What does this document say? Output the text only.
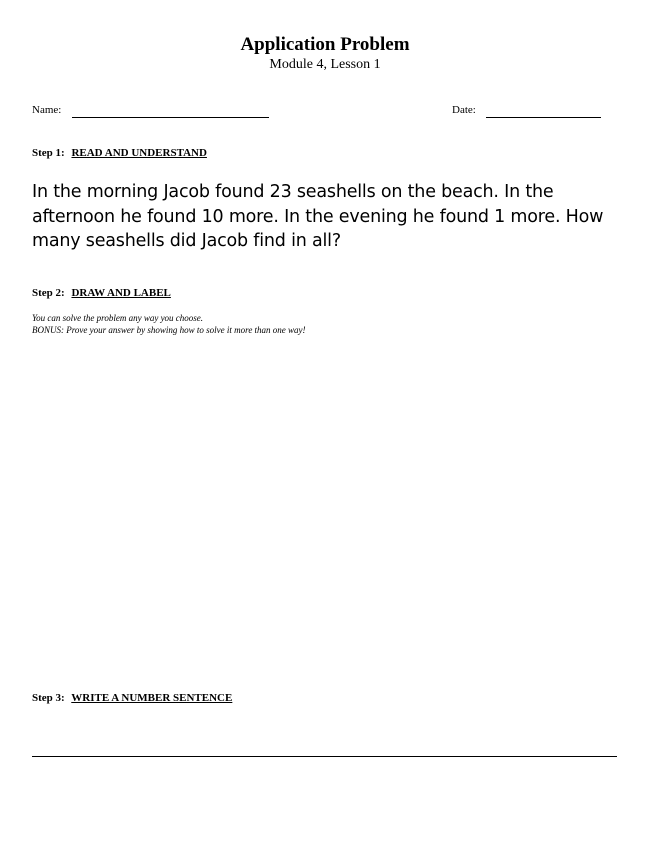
Application Problem
Module 4, Lesson 1
Name:	Date:
Step 1: READ AND UNDERSTAND
In the morning Jacob found 23 seashells on the beach. In the afternoon he found 10 more. In the evening he found 1 more. How many seashells did Jacob find in all?
Step 2: DRAW AND LABEL
You can solve the problem any way you choose.
BONUS: Prove your answer by showing how to solve it more than one way!
Step 3: WRITE A NUMBER SENTENCE
